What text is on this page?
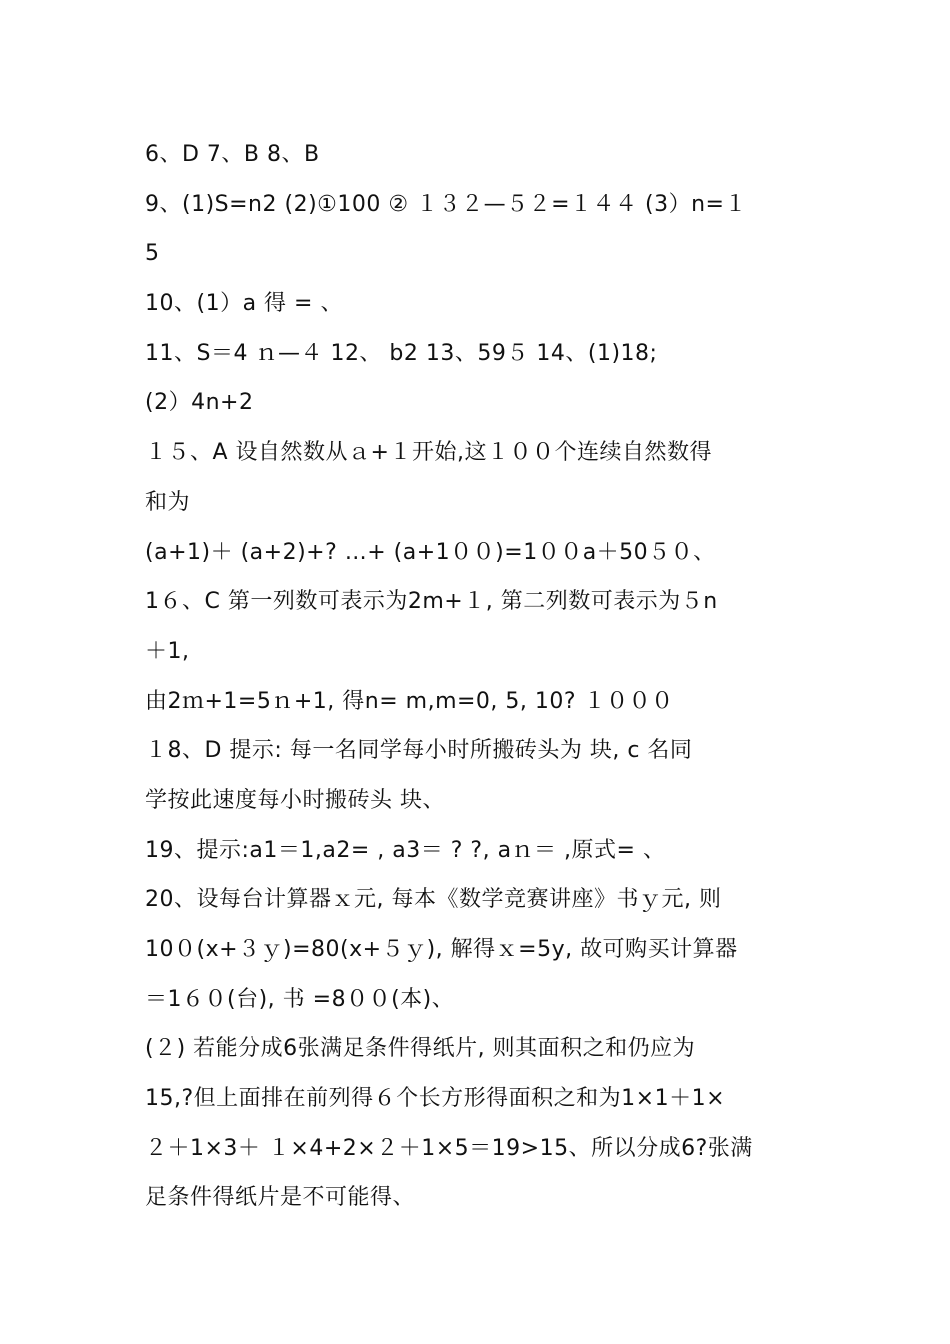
6、D 7、B 8、B
9、(1)S=n2 (2)①100 ② １３２—５２=１４４ (3）n=１
5
10、(1）a 得 = 、
11、S＝4 ｎ—４ 12、 b2 13、59５ 14、(1)18;
(2）4n+2
１５、A 设自然数从ａ+１开始,这１００个连续自然数得
和为
(a+1)＋ (a+2)+? …+ (a+1００)=1００a＋50５０、
1６、C 第一列数可表示为2m+１, 第二列数可表示为５n
＋1,
由2ｍ+1=5ｎ+1, 得n= m,m=0, 5, 10? １０００
１8、D 提示: 每一名同学每小时所搬砖头为 块, c 名同
学按此速度每小时搬砖头 块、
19、提示:a1＝1,a2= , a3＝ ? ?, aｎ＝ ,原式= 、
20、设每台计算器ｘ元, 每本《数学竞赛讲座》书ｙ元, 则
10０(x+３ｙ)=80(x+５ｙ), 解得ｘ=5y, 故可购买计算器
＝1６０(台), 书 =8００(本)、
(２) 若能分成6张满足条件得纸片, 则其面积之和仍应为
15,?但上面排在前列得６个长方形得面积之和为1×1＋1×
２＋1×3＋ １×4+2×２＋1×5＝19>15、所以分成6?张满
足条件得纸片是不可能得、
